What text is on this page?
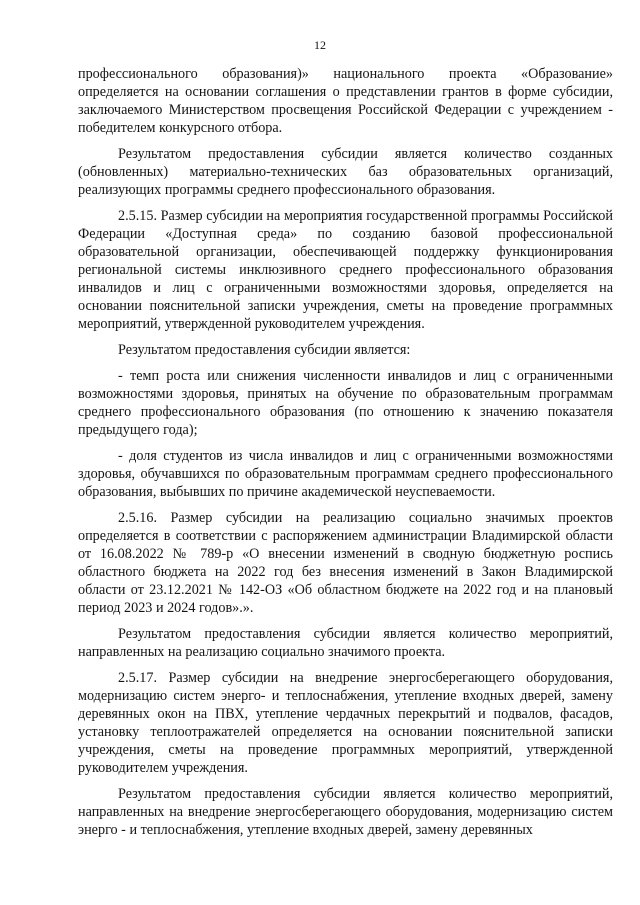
12

профессионального образования)» национального проекта «Образование» определяется на основании соглашения о представлении грантов в форме субсидии, заключаемого Министерством просвещения Российской Федерации с учреждением - победителем конкурсного отбора.

Результатом предоставления субсидии является количество созданных (обновленных) материально-технических баз образовательных организаций, реализующих программы среднего профессионального образования.

2.5.15. Размер субсидии на мероприятия государственной программы Российской Федерации «Доступная среда» по созданию базовой профессиональной образовательной организации, обеспечивающей поддержку функционирования региональной системы инклюзивного среднего профессионального образования инвалидов и лиц с ограниченными возможностями здоровья, определяется на основании пояснительной записки учреждения, сметы на проведение программных мероприятий, утвержденной руководителем учреждения.

Результатом предоставления субсидии является:

- темп роста или снижения численности инвалидов и лиц с ограниченными возможностями здоровья, принятых на обучение по образовательным программам среднего профессионального образования (по отношению к значению показателя предыдущего года);

- доля студентов из числа инвалидов и лиц с ограниченными возможностями здоровья, обучавшихся по образовательным программам среднего профессионального образования, выбывших по причине академической неуспеваемости.

2.5.16. Размер субсидии на реализацию социально значимых проектов определяется в соответствии с распоряжением администрации Владимирской области от 16.08.2022 № 789-р «О внесении изменений в сводную бюджетную роспись областного бюджета на 2022 год без внесения изменений в Закон Владимирской области от 23.12.2021 № 142-ОЗ «Об областном бюджете на 2022 год и на плановый период 2023 и 2024 годов».».

Результатом предоставления субсидии является количество мероприятий, направленных на реализацию социально значимого проекта.

2.5.17. Размер субсидии на внедрение энергосберегающего оборудования, модернизацию систем энерго- и теплоснабжения, утепление входных дверей, замену деревянных окон на ПВХ, утепление чердачных перекрытий и подвалов, фасадов, установку теплоотражателей определяется на основании пояснительной записки учреждения, сметы на проведение программных мероприятий, утвержденной руководителем учреждения.

Результатом предоставления субсидии является количество мероприятий, направленных на внедрение энергосберегающего оборудования, модернизацию систем энерго - и теплоснабжения, утепление входных дверей, замену деревянных
